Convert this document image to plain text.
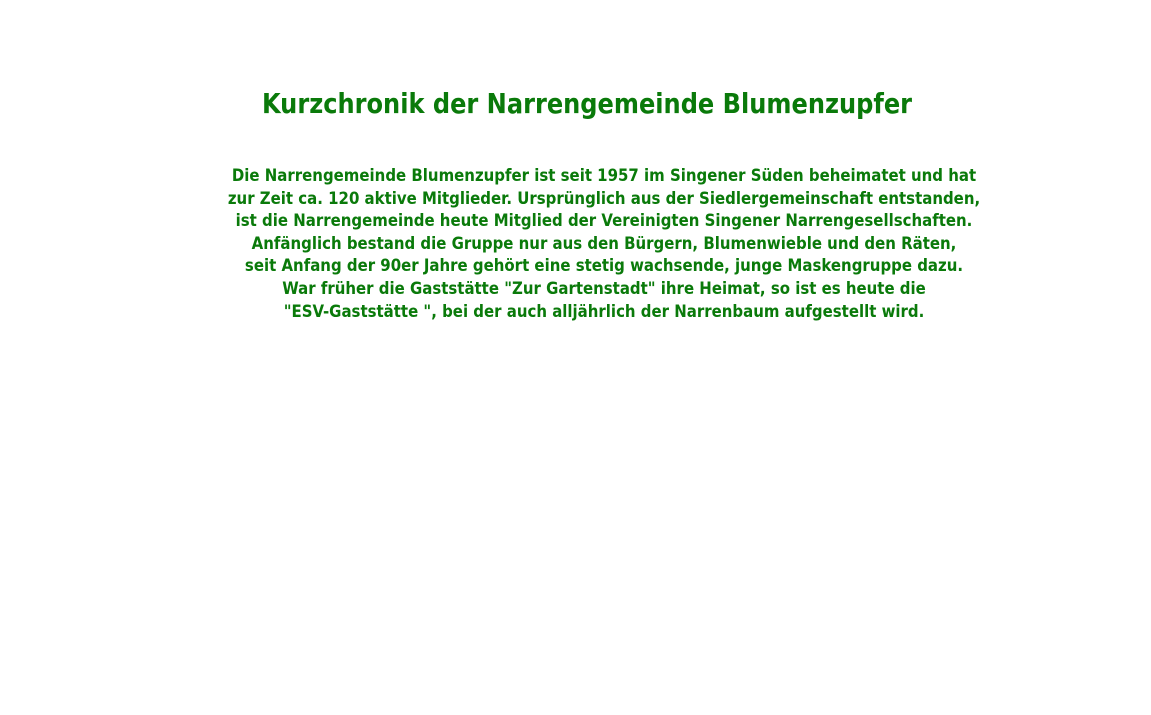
Kurzchronik der Narrengemeinde Blumenzupfer

Die Narrengemeinde Blumenzupfer ist seit 1957 im Singener Süden beheimatet und hat
zur Zeit ca. 120 aktive Mitglieder. Ursprünglich aus der Siedlergemeinschaft entstanden,
ist die Narrengemeinde heute Mitglied der Vereinigten Singener Narrengesellschaften.
Anfänglich bestand die Gruppe nur aus den Bürgern, Blumenwieble und den Räten,
seit Anfang der 90er Jahre gehört eine stetig wachsende, junge Maskengruppe dazu.
War früher die Gaststätte "Zur Gartenstadt" ihre Heimat, so ist es heute die
"ESV-Gaststätte ", bei der auch alljährlich der Narrenbaum aufgestellt wird.
